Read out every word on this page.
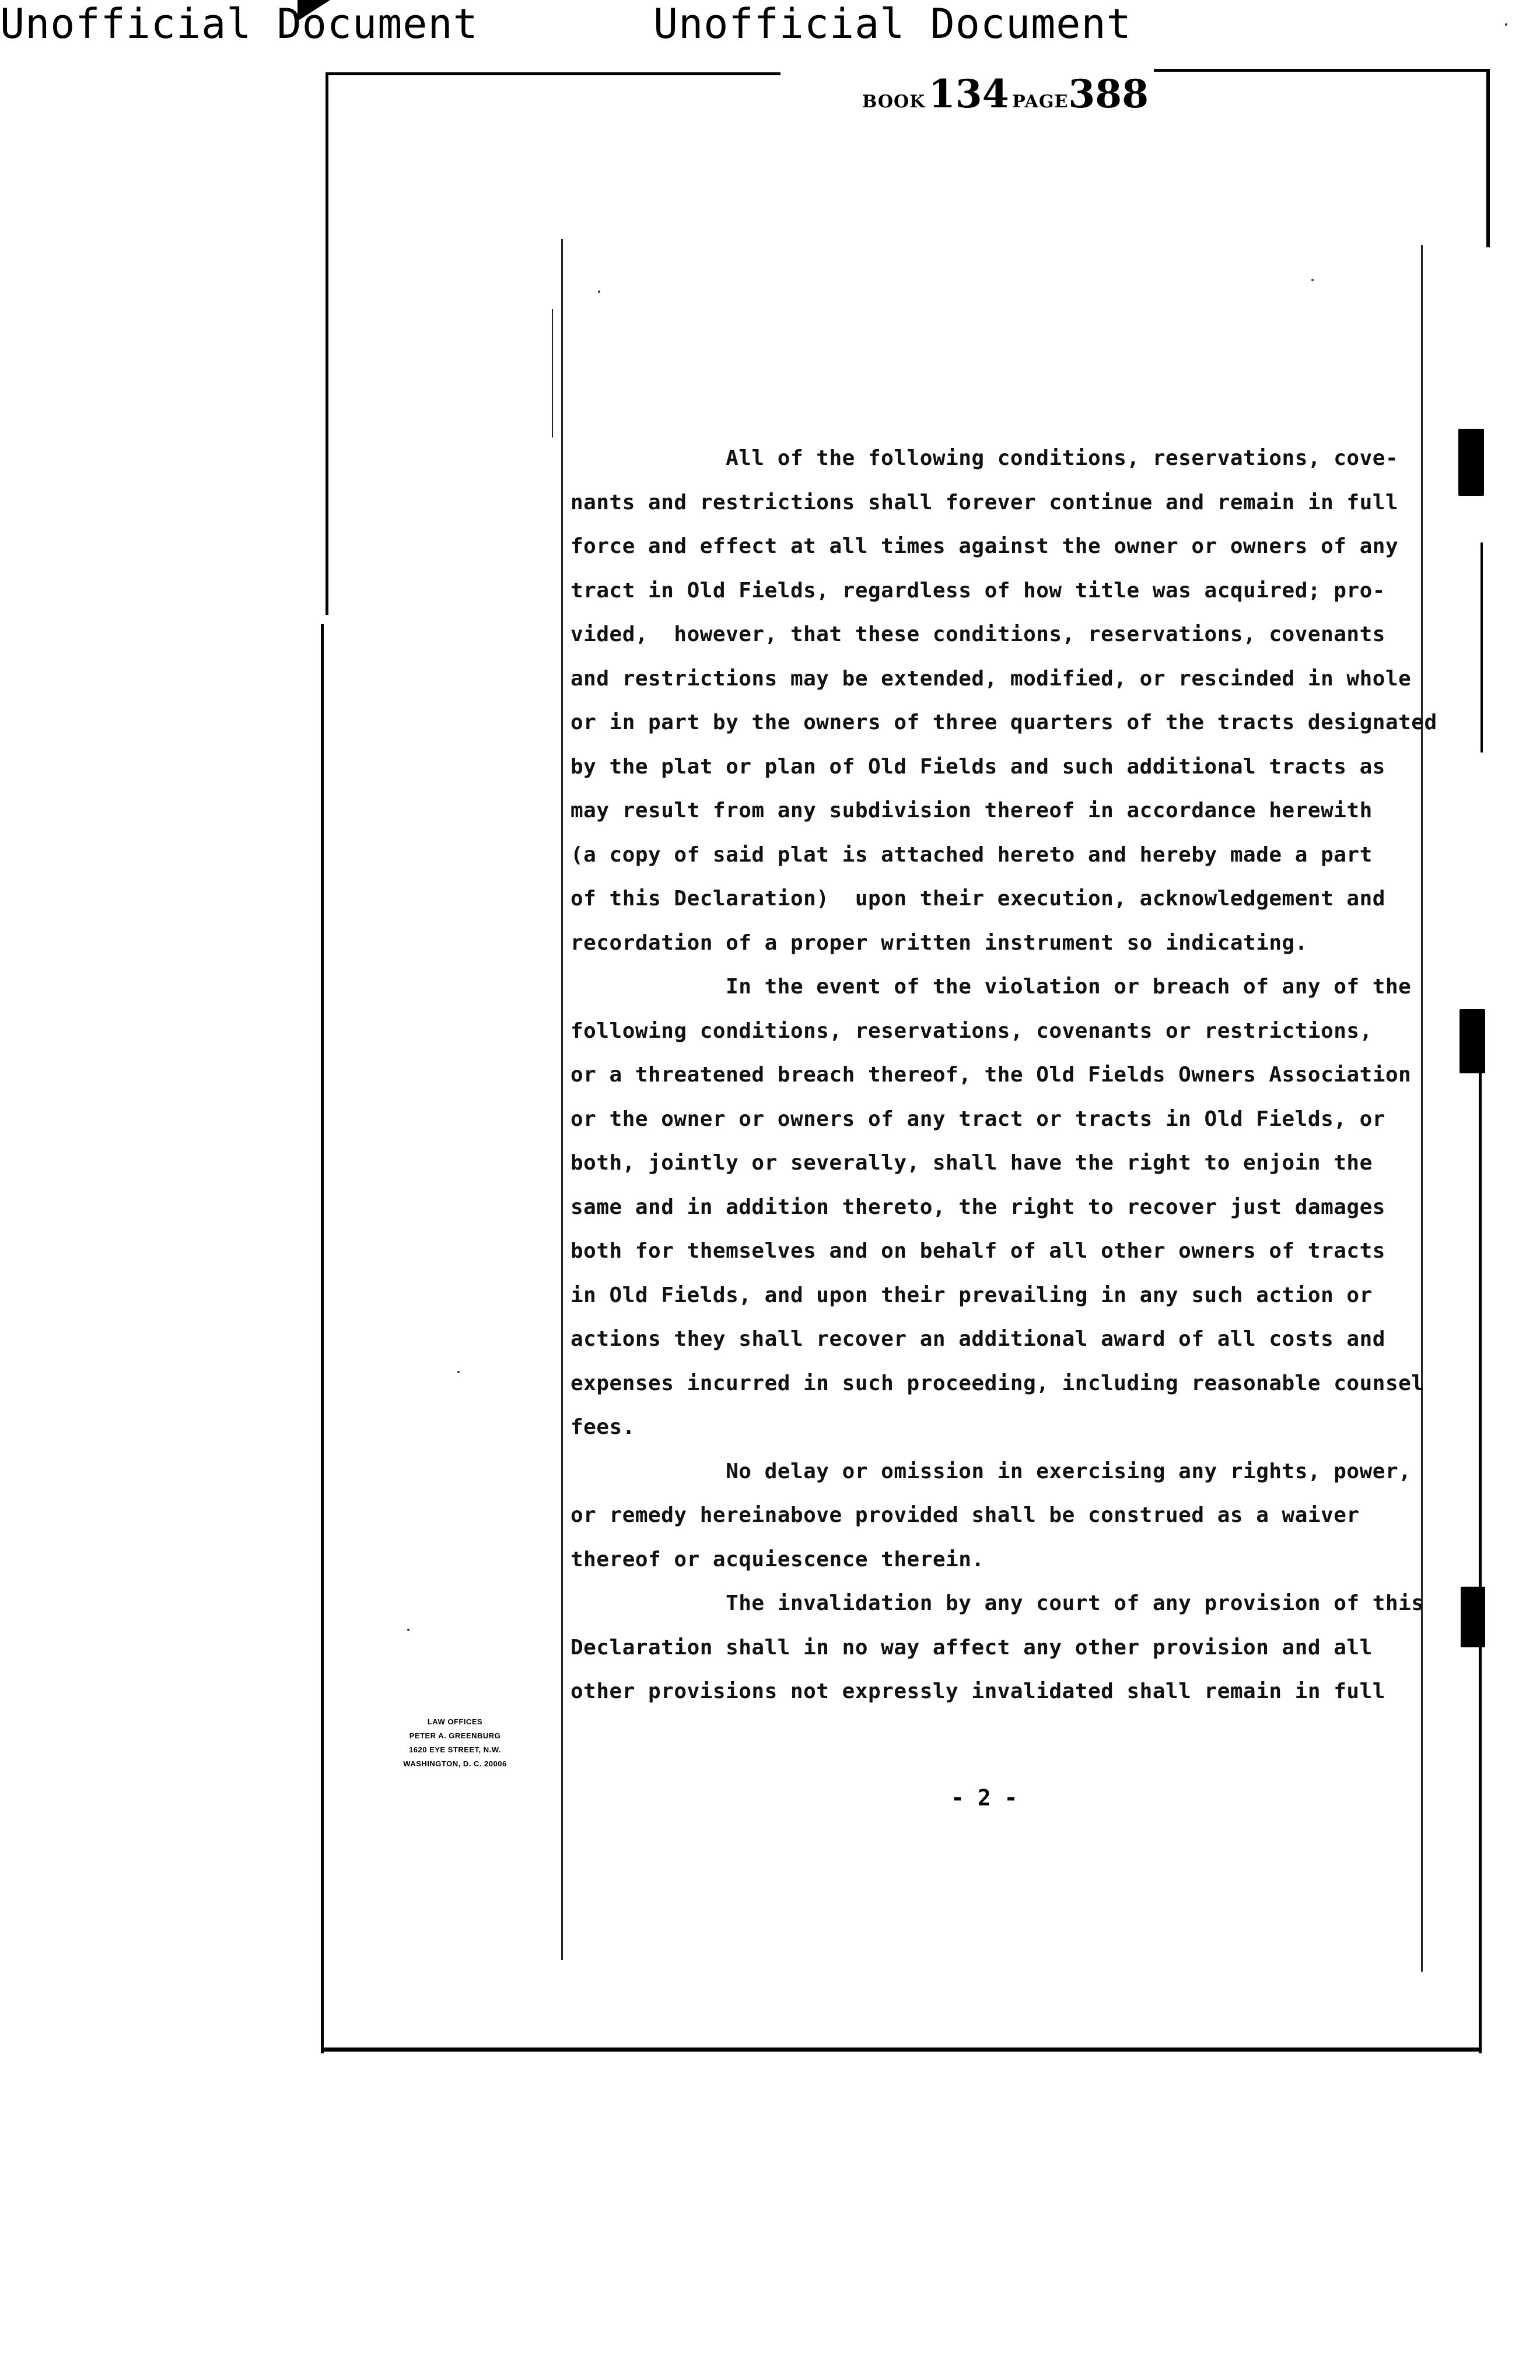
Unofficial Document	Unofficial Document
BOOK 134 PAGE388
All of the following conditions, reservations, cove-
nants and restrictions shall forever continue and remain in full
force and effect at all times against the owner or owners of any
tract in Old Fields, regardless of how title was acquired; pro-
vided,  however, that these conditions, reservations, covenants
and restrictions may be extended, modified, or rescinded in whole
or in part by the owners of three quarters of the tracts designated
by the plat or plan of Old Fields and such additional tracts as
may result from any subdivision thereof in accordance herewith
(a copy of said plat is attached hereto and hereby made a part
of this Declaration)  upon their execution, acknowledgement and
recordation of a proper written instrument so indicating.
In the event of the violation or breach of any of the
following conditions, reservations, covenants or restrictions,
or a threatened breach thereof, the Old Fields Owners Association
or the owner or owners of any tract or tracts in Old Fields, or
both, jointly or severally, shall have the right to enjoin the
same and in addition thereto, the right to recover just damages
both for themselves and on behalf of all other owners of tracts
in Old Fields, and upon their prevailing in any such action or
actions they shall recover an additional award of all costs and
expenses incurred in such proceeding, including reasonable counsel
fees.
No delay or omission in exercising any rights, power,
or remedy hereinabove provided shall be construed as a waiver
thereof or acquiescence therein.
The invalidation by any court of any provision of this
Declaration shall in no way affect any other provision and all
other provisions not expressly invalidated shall remain in full
LAW OFFICES
PETER A. GREENBURG
1620 EYE STREET, N.W.
WASHINGTON, D. C. 20006
- 2 -
